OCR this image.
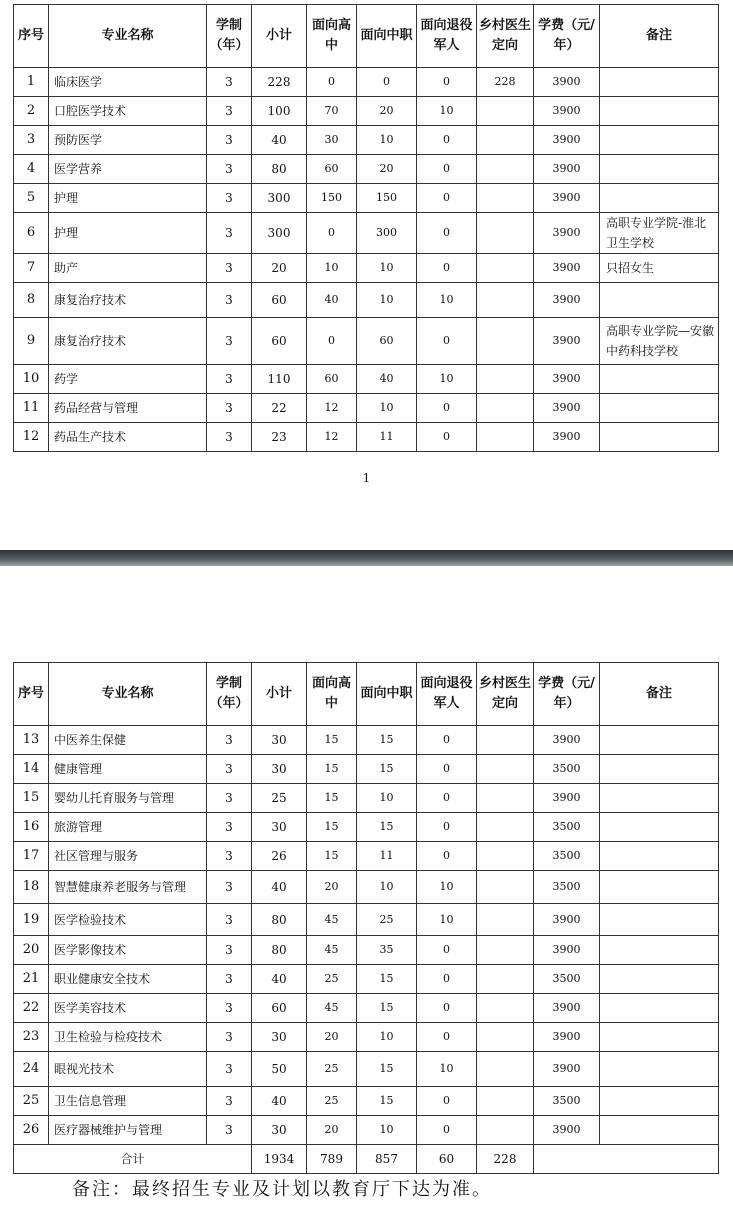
序号	专业名称	学制（年）	小计	面向高中	面向中职	面向退役军人	乡村医生定向	学费（元/年）	备注
1	临床医学	3	228	0	0	0	228	3900	
2	口腔医学技术	3	100	70	20	10		3900	
3	预防医学	3	40	30	10	0		3900	
4	医学营养	3	80	60	20	0		3900	
5	护理	3	300	150	150	0		3900	
6	护理	3	300	0	300	0		3900	高职专业学院-淮北卫生学校
7	助产	3	20	10	10	0		3900	只招女生
8	康复治疗技术	3	60	40	10	10		3900	
9	康复治疗技术	3	60	0	60	0		3900	高职专业学院—安徽中药科技学校
10	药学	3	110	60	40	10		3900	
11	药品经营与管理	3	22	12	10	0		3900	
12	药品生产技术	3	23	12	11	0		3900	
1
序号	专业名称	学制（年）	小计	面向高中	面向中职	面向退役军人	乡村医生定向	学费（元/年）	备注
13	中医养生保健	3	30	15	15	0		3900	
14	健康管理	3	30	15	15	0		3500	
15	婴幼儿托育服务与管理	3	25	15	10	0		3900	
16	旅游管理	3	30	15	15	0		3500	
17	社区管理与服务	3	26	15	11	0		3500	
18	智慧健康养老服务与管理	3	40	20	10	10		3500	
19	医学检验技术	3	80	45	25	10		3900	
20	医学影像技术	3	80	45	35	0		3900	
21	职业健康安全技术	3	40	25	15	0		3500	
22	医学美容技术	3	60	45	15	0		3900	
23	卫生检验与检疫技术	3	30	20	10	0		3900	
24	眼视光技术	3	50	25	15	10		3900	
25	卫生信息管理	3	40	25	15	0		3500	
26	医疗器械维护与管理	3	30	20	10	0		3900	
合计			1934	789	857	60	228		
备注：最终招生专业及计划以教育厅下达为准。
